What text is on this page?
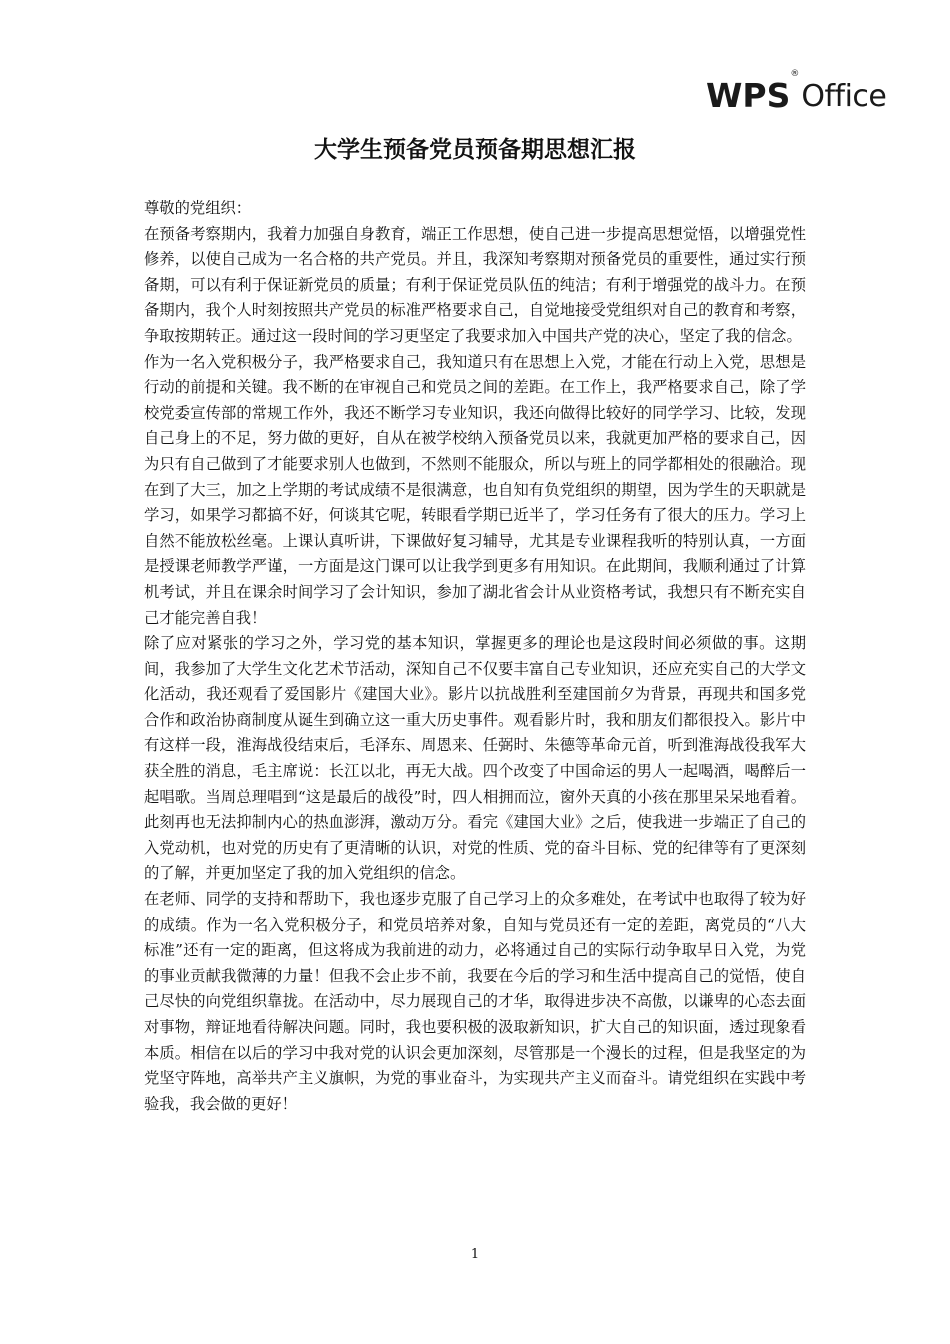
WPS
®
Office
大学生预备党员预备期思想汇报

尊敬的党组织：

在预备考察期内，我着力加强自身教育，端正工作思想，使自己进一步提高思想觉悟，以增强党性修养，以使自己成为一名合格的共产党员。并且，我深知考察期对预备党员的重要性，通过实行预备期，可以有利于保证新党员的质量；有利于保证党员队伍的纯洁；有利于增强党的战斗力。在预备期内，我个人时刻按照共产党员的标准严格要求自己，自觉地接受党组织对自己的教育和考察，争取按期转正。通过这一段时间的学习更坚定了我要求加入中国共产党的决心，坚定了我的信念。

作为一名入党积极分子，我严格要求自己，我知道只有在思想上入党，才能在行动上入党，思想是行动的前提和关键。我不断的在审视自己和党员之间的差距。在工作上，我严格要求自己，除了学校党委宣传部的常规工作外，我还不断学习专业知识，我还向做得比较好的同学学习、比较，发现自己身上的不足，努力做的更好，自从在被学校纳入预备党员以来，我就更加严格的要求自己，因为只有自己做到了才能要求别人也做到，不然则不能服众，所以与班上的同学都相处的很融洽。现在到了大三，加之上学期的考试成绩不是很满意，也自知有负党组织的期望，因为学生的天职就是学习，如果学习都搞不好，何谈其它呢，转眼看学期已近半了，学习任务有了很大的压力。学习上自然不能放松丝毫。上课认真听讲，下课做好复习辅导，尤其是专业课程我听的特别认真，一方面是授课老师教学严谨，一方面是这门课可以让我学到更多有用知识。在此期间，我顺利通过了计算机考试，并且在课余时间学习了会计知识，参加了湖北省会计从业资格考试，我想只有不断充实自己才能完善自我！

除了应对紧张的学习之外，学习党的基本知识，掌握更多的理论也是这段时间必须做的事。这期间，我参加了大学生文化艺术节活动，深知自己不仅要丰富自己专业知识，还应充实自己的大学文化活动，我还观看了爱国影片《建国大业》。影片以抗战胜利至建国前夕为背景，再现共和国多党合作和政治协商制度从诞生到确立这一重大历史事件。观看影片时，我和朋友们都很投入。影片中有这样一段，淮海战役结束后，毛泽东、周恩来、任弼时、朱德等革命元首，听到淮海战役我军大获全胜的消息，毛主席说：长江以北，再无大战。四个改变了中国命运的男人一起喝酒，喝醉后一起唱歌。当周总理唱到“这是最后的战役”时，四人相拥而泣，窗外天真的小孩在那里呆呆地看着。此刻再也无法抑制内心的热血澎湃，激动万分。看完《建国大业》之后，使我进一步端正了自己的入党动机，也对党的历史有了更清晰的认识，对党的性质、党的奋斗目标、党的纪律等有了更深刻的了解，并更加坚定了我的加入党组织的信念。

在老师、同学的支持和帮助下，我也逐步克服了自己学习上的众多难处，在考试中也取得了较为好的成绩。作为一名入党积极分子，和党员培养对象，自知与党员还有一定的差距，离党员的“八大标准”还有一定的距离，但这将成为我前进的动力，必将通过自己的实际行动争取早日入党，为党的事业贡献我微薄的力量！但我不会止步不前，我要在今后的学习和生活中提高自己的觉悟，使自己尽快的向党组织靠拢。在活动中，尽力展现自己的才华，取得进步决不高傲，以谦卑的心态去面对事物，辩证地看待解决问题。同时，我也要积极的汲取新知识，扩大自己的知识面，透过现象看本质。相信在以后的学习中我对党的认识会更加深刻，尽管那是一个漫长的过程，但是我坚定的为党坚守阵地，高举共产主义旗帜，为党的事业奋斗，为实现共产主义而奋斗。请党组织在实践中考验我，我会做的更好！

1
